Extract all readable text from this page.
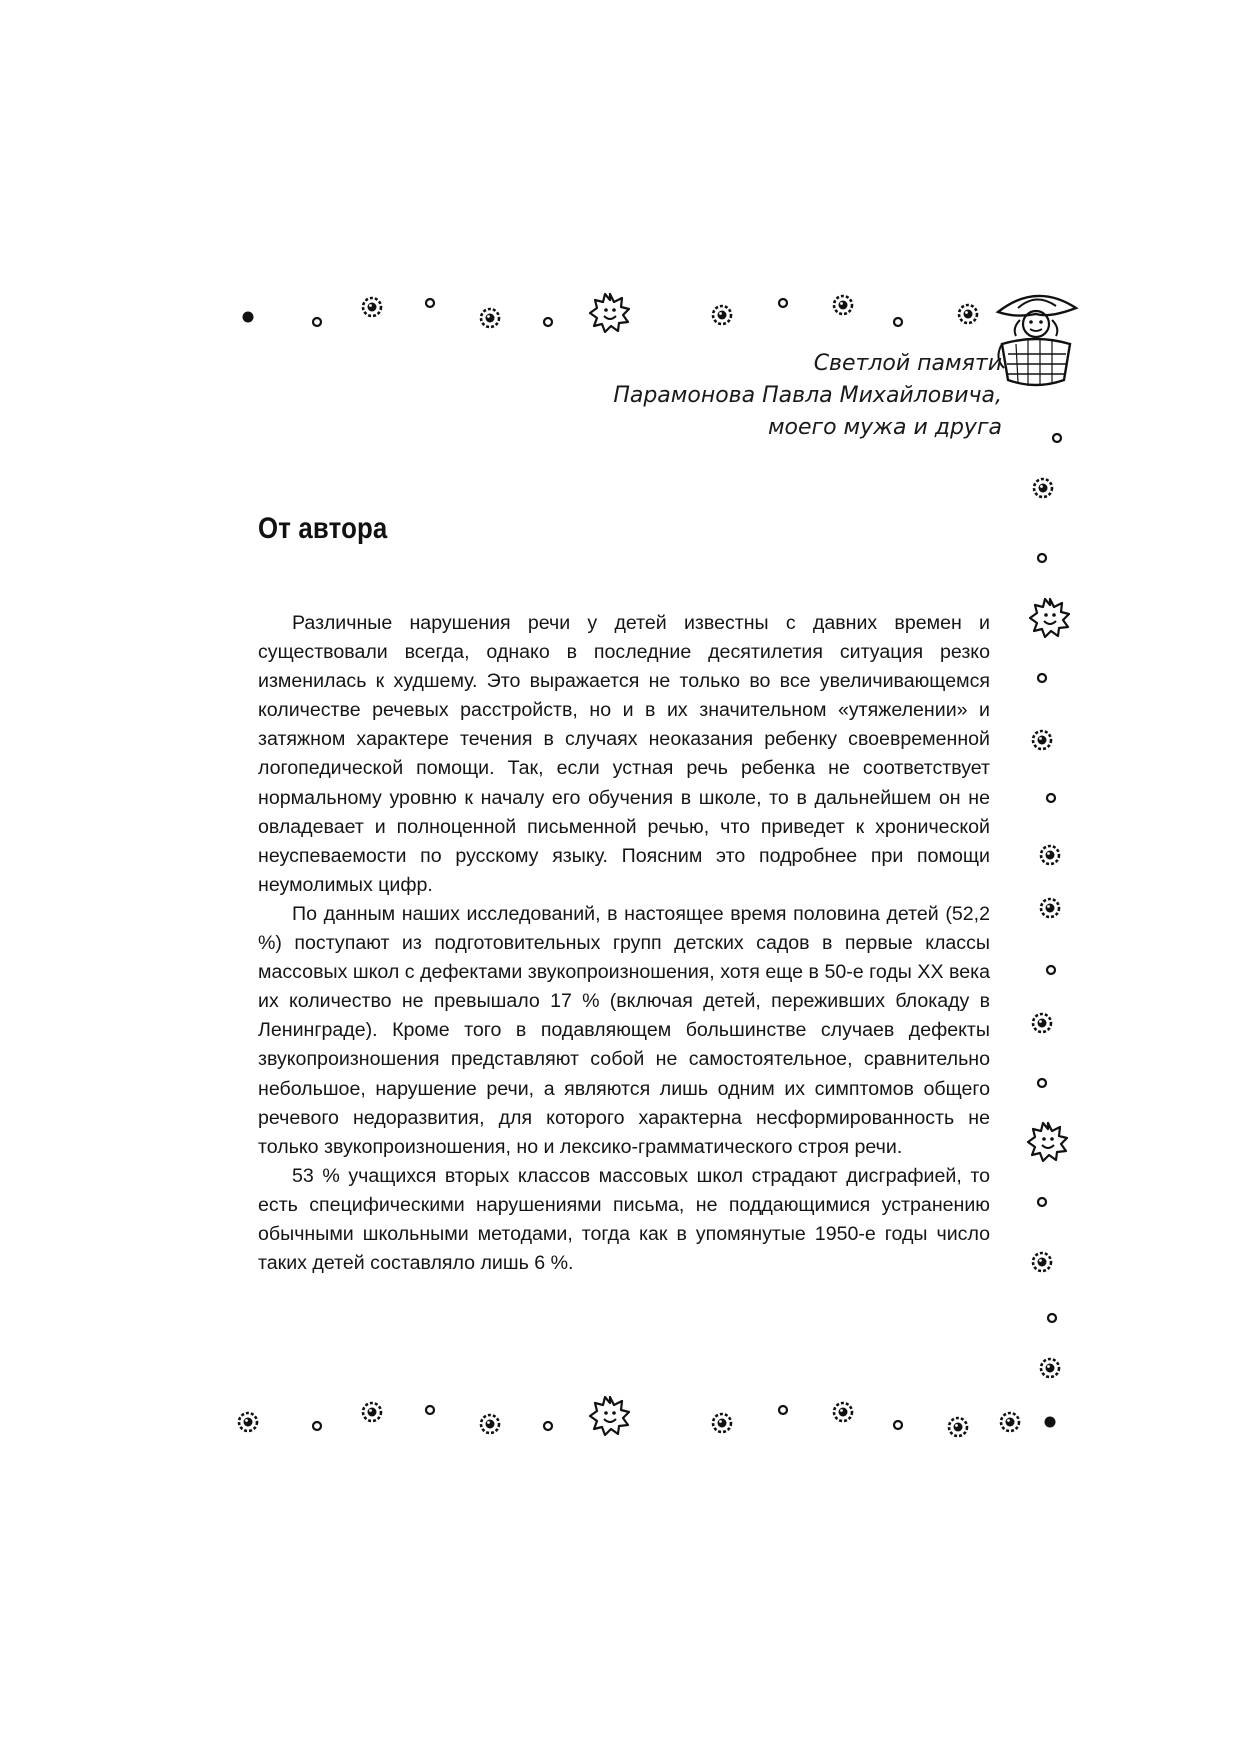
Светлой памяти
Парамонова Павла Михайловича,
моего мужа и друга
От автора

Различные нарушения речи у детей известны с давних времен и существовали всегда, однако в последние десятилетия ситуация резко изменилась к худшему. Это выражается не только во все увеличивающемся количестве речевых расстройств, но и в их значительном «утяжелении» и затяжном характере течения в случаях неоказания ребенку своевременной логопедической помощи. Так, если устная речь ребенка не соответствует нормальному уровню к началу его обучения в школе, то в дальнейшем он не овладевает и полноценной письменной речью, что приведет к хронической неуспеваемости по русскому языку. Поясним это подробнее при помощи неумолимых цифр.

По данным наших исследований, в настоящее время половина детей (52,2 %) поступают из подготовительных групп детских садов в первые классы массовых школ с дефектами звукопроизношения, хотя еще в 50-е годы XX века их количество не превышало 17 % (включая детей, переживших блокаду в Ленинграде). Кроме того в подавляющем большинстве случаев дефекты звукопроизношения представляют собой не самостоятельное, сравнительно небольшое, нарушение речи, а являются лишь одним их симптомов общего речевого недоразвития, для которого характерна несформированность не только звукопроизношения, но и лексико-грамматического строя речи.

53 % учащихся вторых классов массовых школ страдают дисграфией, то есть специфическими нарушениями письма, не поддающимися устранению обычными школьными методами, тогда как в упомянутые 1950-е годы число таких детей составляло лишь 6 %.
